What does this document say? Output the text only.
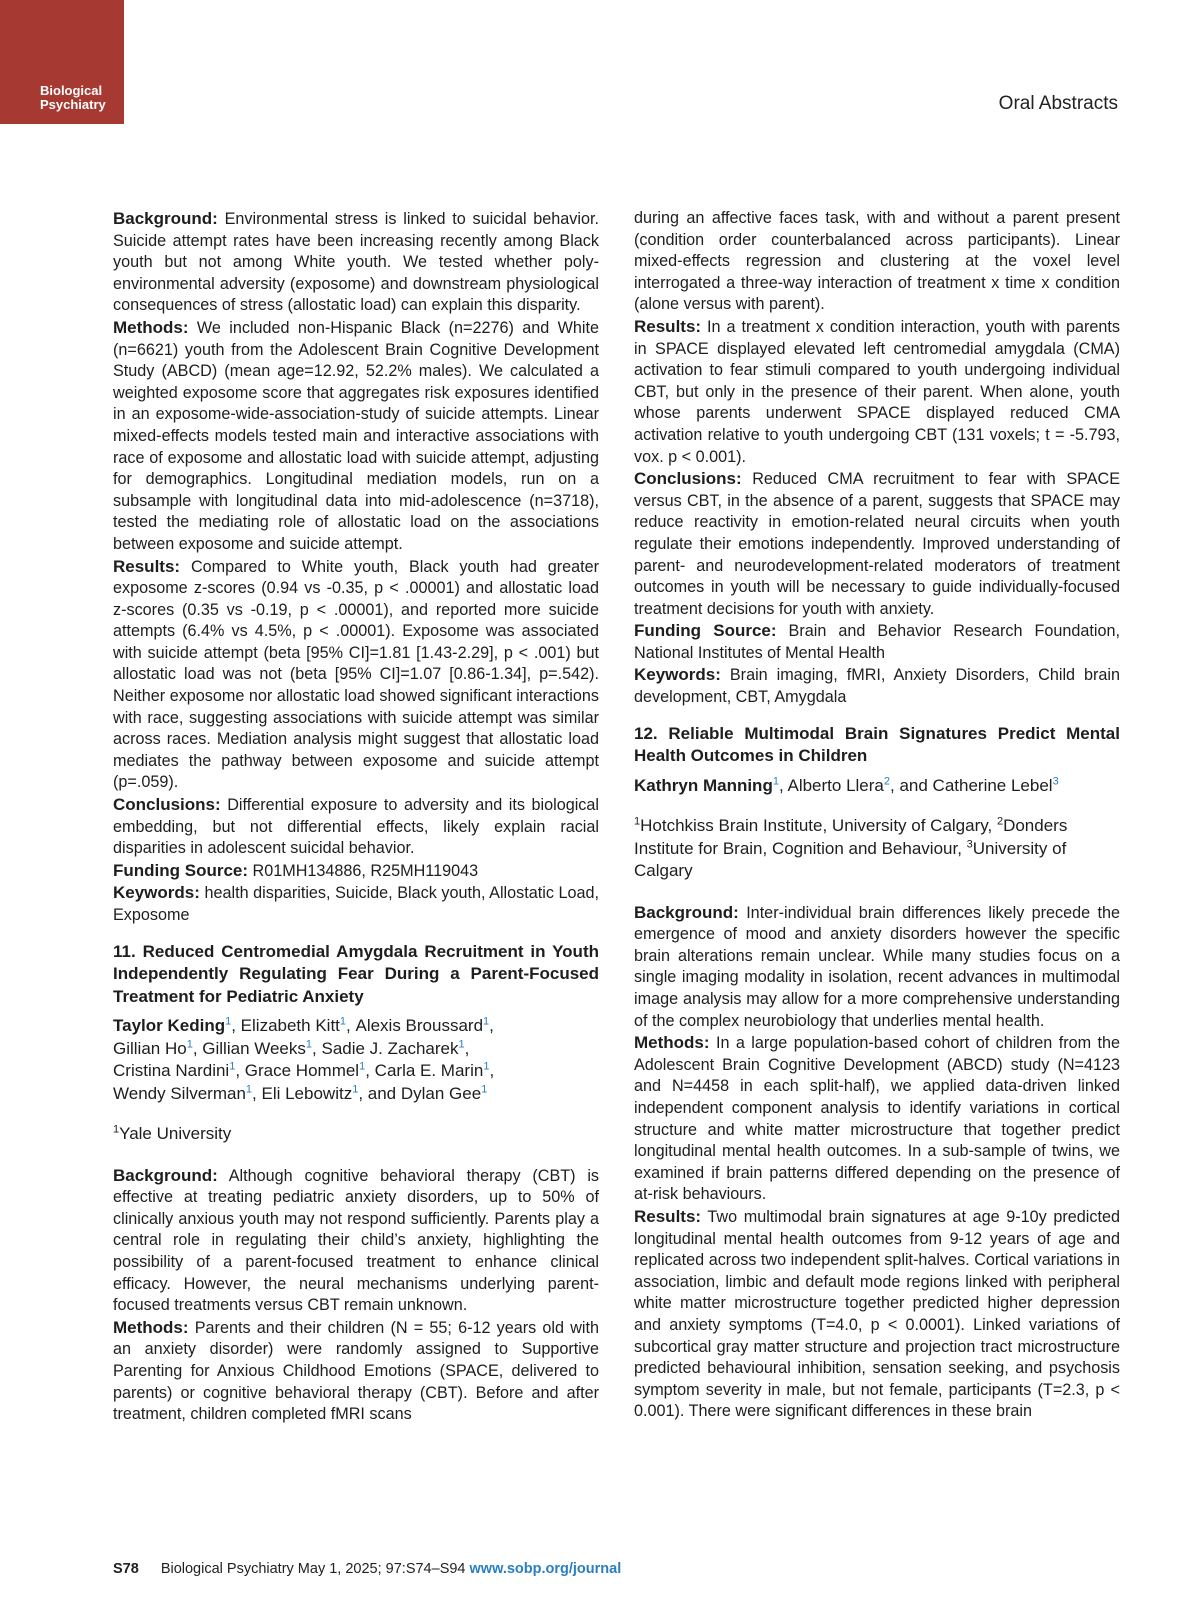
Biological
Psychiatry	Oral Abstracts

Background: Environmental stress is linked to suicidal behavior. Suicide attempt rates have been increasing recently among Black youth but not among White youth. We tested whether poly-environmental adversity (exposome) and downstream physiological consequences of stress (allostatic load) can explain this disparity.

Methods: We included non-Hispanic Black (n=2276) and White (n=6621) youth from the Adolescent Brain Cognitive Development Study (ABCD) (mean age=12.92, 52.2% males). We calculated a weighted exposome score that aggregates risk exposures identified in an exposome-wide-association-study of suicide attempts. Linear mixed-effects models tested main and interactive associations with race of exposome and allostatic load with suicide attempt, adjusting for demographics. Longitudinal mediation models, run on a subsample with longitudinal data into mid-adolescence (n=3718), tested the mediating role of allostatic load on the associations between exposome and suicide attempt.

Results: Compared to White youth, Black youth had greater exposome z-scores (0.94 vs -0.35, p < .00001) and allostatic load z-scores (0.35 vs -0.19, p < .00001), and reported more suicide attempts (6.4% vs 4.5%, p < .00001). Exposome was associated with suicide attempt (beta [95% CI]=1.81 [1.43-2.29], p < .001) but allostatic load was not (beta [95% CI]=1.07 [0.86-1.34], p=.542). Neither exposome nor allostatic load showed significant interactions with race, suggesting associations with suicide attempt was similar across races. Mediation analysis might suggest that allostatic load mediates the pathway between exposome and suicide attempt (p=.059).

Conclusions: Differential exposure to adversity and its biological embedding, but not differential effects, likely explain racial disparities in adolescent suicidal behavior.

Funding Source: R01MH134886, R25MH119043

Keywords: health disparities, Suicide, Black youth, Allostatic Load, Exposome

11. Reduced Centromedial Amygdala Recruitment in Youth Independently Regulating Fear During a Parent-Focused Treatment for Pediatric Anxiety
Taylor Keding$^1$, Elizabeth Kitt$^1$, Alexis Broussard$^1$,
Gillian Ho$^1$, Gillian Weeks$^1$, Sadie J. Zacharek$^1$,
Cristina Nardini$^1$, Grace Hommel$^1$, Carla E. Marin$^1$,
Wendy Silverman$^1$, Eli Lebowitz$^1$, and Dylan Gee$^1$
$^1$Yale University

Background: Although cognitive behavioral therapy (CBT) is effective at treating pediatric anxiety disorders, up to 50% of clinically anxious youth may not respond sufficiently. Parents play a central role in regulating their child’s anxiety, highlighting the possibility of a parent-focused treatment to enhance clinical efficacy. However, the neural mechanisms underlying parent-focused treatments versus CBT remain unknown.

Methods: Parents and their children (N = 55; 6-12 years old with an anxiety disorder) were randomly assigned to Supportive Parenting for Anxious Childhood Emotions (SPACE, delivered to parents) or cognitive behavioral therapy (CBT). Before and after treatment, children completed fMRI scans

during an affective faces task, with and without a parent present (condition order counterbalanced across participants). Linear mixed-effects regression and clustering at the voxel level interrogated a three-way interaction of treatment x time x condition (alone versus with parent).

Results: In a treatment x condition interaction, youth with parents in SPACE displayed elevated left centromedial amygdala (CMA) activation to fear stimuli compared to youth undergoing individual CBT, but only in the presence of their parent. When alone, youth whose parents underwent SPACE displayed reduced CMA activation relative to youth undergoing CBT (131 voxels; t = -5.793, vox. p < 0.001).

Conclusions: Reduced CMA recruitment to fear with SPACE versus CBT, in the absence of a parent, suggests that SPACE may reduce reactivity in emotion-related neural circuits when youth regulate their emotions independently. Improved understanding of parent- and neurodevelopment-related moderators of treatment outcomes in youth will be necessary to guide individually-focused treatment decisions for youth with anxiety.

Funding Source: Brain and Behavior Research Foundation, National Institutes of Mental Health

Keywords: Brain imaging, fMRI, Anxiety Disorders, Child brain development, CBT, Amygdala

12. Reliable Multimodal Brain Signatures Predict Mental Health Outcomes in Children
Kathryn Manning$^1$, Alberto Llera$^2$, and Catherine Lebel$^3$
$^1$Hotchkiss Brain Institute, University of Calgary, $^2$Donders Institute for Brain, Cognition and Behaviour, $^3$University of Calgary

Background: Inter-individual brain differences likely precede the emergence of mood and anxiety disorders however the specific brain alterations remain unclear. While many studies focus on a single imaging modality in isolation, recent advances in multimodal image analysis may allow for a more comprehensive understanding of the complex neurobiology that underlies mental health.

Methods: In a large population-based cohort of children from the Adolescent Brain Cognitive Development (ABCD) study (N=4123 and N=4458 in each split-half), we applied data-driven linked independent component analysis to identify variations in cortical structure and white matter microstructure that together predict longitudinal mental health outcomes. In a sub-sample of twins, we examined if brain patterns differed depending on the presence of at-risk behaviours.

Results: Two multimodal brain signatures at age 9-10y predicted longitudinal mental health outcomes from 9-12 years of age and replicated across two independent split-halves. Cortical variations in association, limbic and default mode regions linked with peripheral white matter microstructure together predicted higher depression and anxiety symptoms (T=4.0, p < 0.0001). Linked variations of subcortical gray matter structure and projection tract microstructure predicted behavioural inhibition, sensation seeking, and psychosis symptom severity in male, but not female, participants (T=2.3, p < 0.001). There were significant differences in these brain

S78 Biological Psychiatry May 1, 2025; 97:S74–S94 www.sobp.org/journal
